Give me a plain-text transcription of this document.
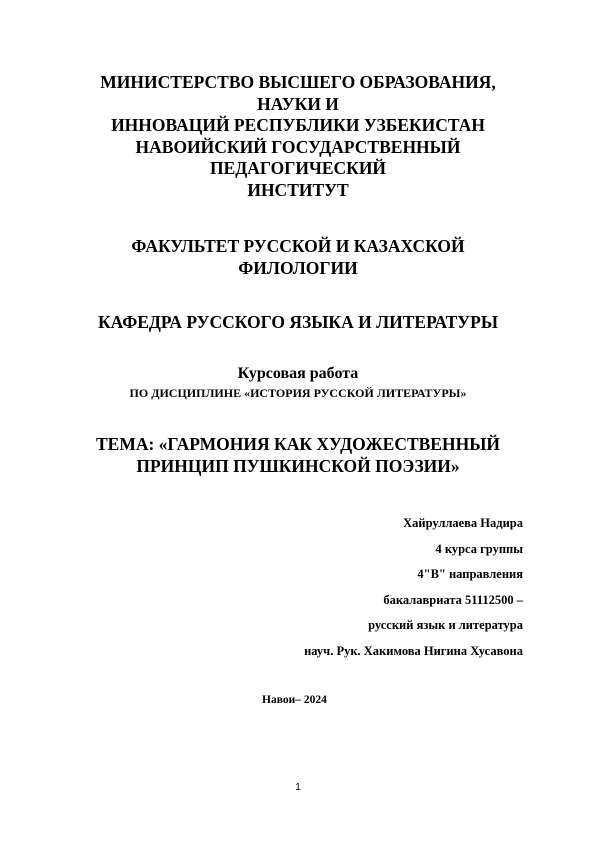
МИНИСТЕРСТВО ВЫСШЕГО ОБРАЗОВАНИЯ,
НАУКИ И
ИННОВАЦИЙ РЕСПУБЛИКИ УЗБЕКИСТАН
НАВОИЙСКИЙ ГОСУДАРСТВЕННЫЙ
ПЕДАГОГИЧЕСКИЙ
ИНСТИТУТ
ФАКУЛЬТЕТ РУССКОЙ И КАЗАХСКОЙ
ФИЛОЛОГИИ
КАФЕДРА РУССКОГО ЯЗЫКА И ЛИТЕРАТУРЫ
Курсовая работа
ПО ДИСЦИПЛИНЕ «ИСТОРИЯ РУССКОЙ ЛИТЕРАТУРЫ»
ТЕМА: «ГАРМОНИЯ КАК ХУДОЖЕСТВЕННЫЙ
ПРИНЦИП ПУШКИНСКОЙ ПОЭЗИИ»
Хайруллаева Надира
4 курса группы
4"В" направления
бакалавриата 51112500 –
русский язык и литература
науч. Рук. Хакимова Нигина Хусавона
Навои– 2024
1
